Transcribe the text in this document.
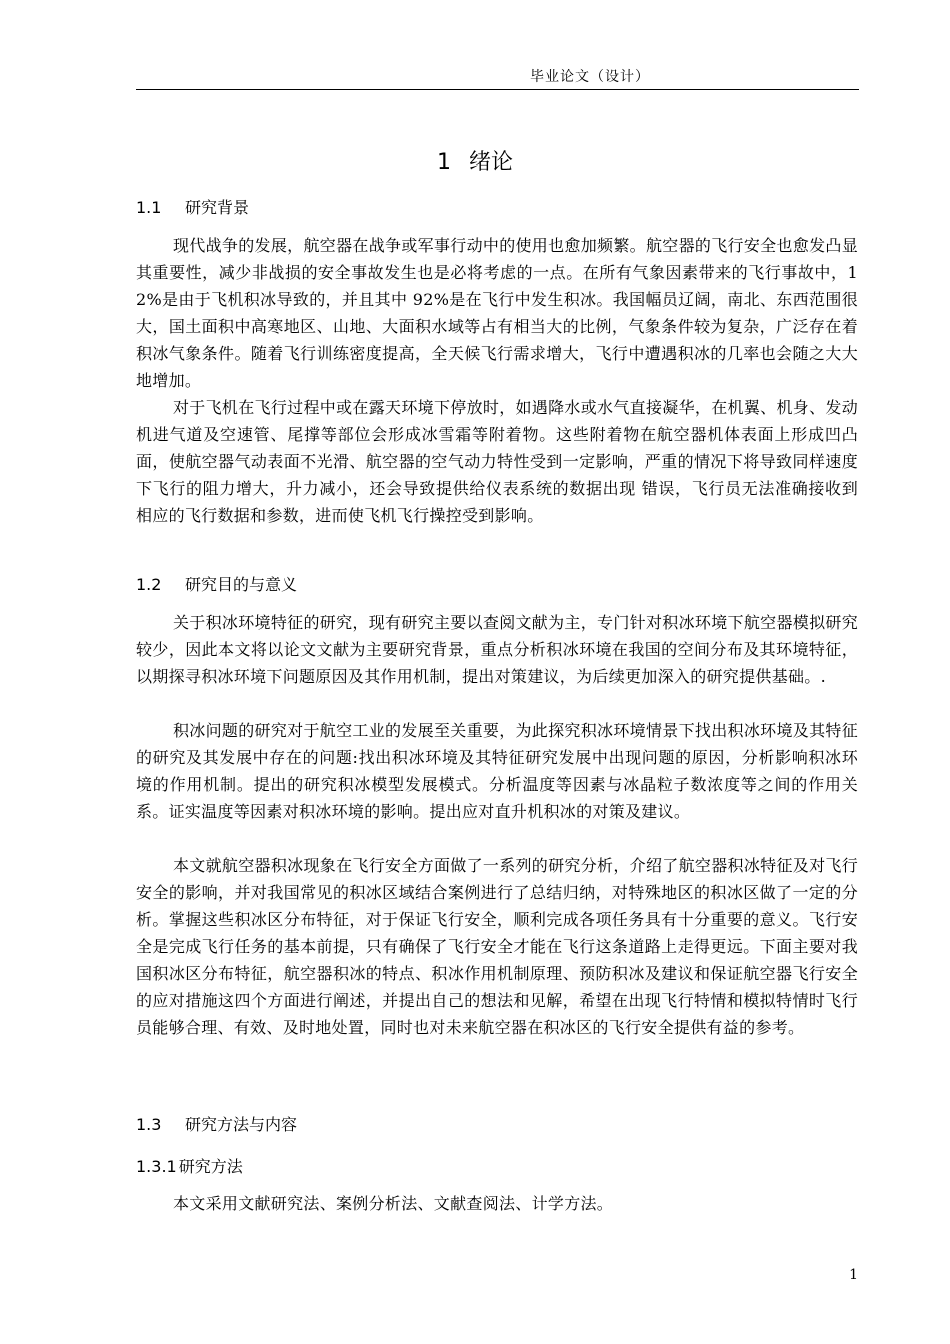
毕业论文（设计）
1 绪论
1.1 研究背景

现代战争的发展，航空器在战争或军事行动中的使用也愈加频繁。航空器的飞行安全也愈发凸显其重要性，减少非战损的安全事故发生也是必将考虑的一点。在所有气象因素带来的飞行事故中，12%是由于飞机积冰导致的，并且其中 92%是在飞行中发生积冰。我国幅员辽阔，南北、东西范围很大，国土面积中高寒地区、山地、大面积水域等占有相当大的比例，气象条件较为复杂，广泛存在着积冰气象条件。随着飞行训练密度提高，全天候飞行需求增大，飞行中遭遇积冰的几率也会随之大大地增加。

对于飞机在飞行过程中或在露天环境下停放时，如遇降水或水气直接凝华，在机翼、机身、发动机进气道及空速管、尾撑等部位会形成冰雪霜等附着物。这些附着物在航空器机体表面上形成凹凸面，使航空器气动表面不光滑、航空器的空气动力特性受到一定影响，严重的情况下将导致同样速度下飞行的阻力增大，升力减小，还会导致提供给仪表系统的数据出现 错误，飞行员无法准确接收到相应的飞行数据和参数，进而使飞机飞行操控受到影响。

1.2 研究目的与意义

关于积冰环境特征的研究，现有研究主要以查阅文献为主，专门针对积冰环境下航空器模拟研究较少，因此本文将以论文文献为主要研究背景，重点分析积冰环境在我国的空间分布及其环境特征，以期探寻积冰环境下问题原因及其作用机制，提出对策建议，为后续更加深入的研究提供基础。.

积冰问题的研究对于航空工业的发展至关重要，为此探究积冰环境情景下找出积冰环境及其特征的研究及其发展中存在的问题:找出积冰环境及其特征研究发展中出现问题的原因，分析影响积冰环境的作用机制。提出的研究积冰模型发展模式。分析温度等因素与冰晶粒子数浓度等之间的作用关系。证实温度等因素对积冰环境的影响。提出应对直升机积冰的对策及建议。

本文就航空器积冰现象在飞行安全方面做了一系列的研究分析，介绍了航空器积冰特征及对飞行安全的影响，并对我国常见的积冰区域结合案例进行了总结归纳，对特殊地区的积冰区做了一定的分析。掌握这些积冰区分布特征，对于保证飞行安全，顺利完成各项任务具有十分重要的意义。飞行安全是完成飞行任务的基本前提，只有确保了飞行安全才能在飞行这条道路上走得更远。下面主要对我国积冰区分布特征，航空器积冰的特点、积冰作用机制原理、预防积冰及建议和保证航空器飞行安全的应对措施这四个方面进行阐述，并提出自己的想法和见解，希望在出现飞行特情和模拟特情时飞行员能够合理、有效、及时地处置，同时也对未来航空器在积冰区的飞行安全提供有益的参考。

1.3 研究方法与内容
1.3.1 研究方法

本文采用文献研究法、案例分析法、文献查阅法、计学方法。

1
